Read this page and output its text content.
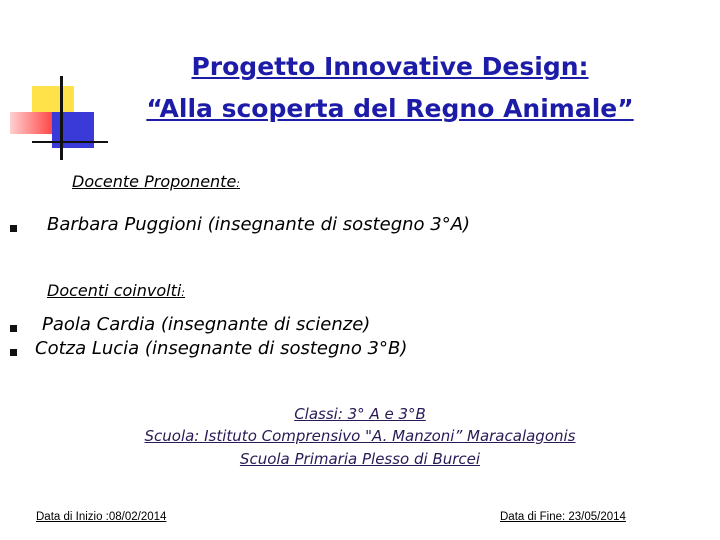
Progetto Innovative Design:
“Alla scoperta del Regno Animale”
Docente Proponente:
Barbara Puggioni (insegnante di sostegno 3°A)
Docenti coinvolti:
Paola Cardia (insegnante di scienze)
Cotza Lucia (insegnante di sostegno 3°B)
Classi: 3° A e 3°B
Scuola: Istituto Comprensivo "A. Manzoni” Maracalagonis
Scuola Primaria Plesso di Burcei
Data di Inizio :08/02/2014	Data di Fine: 23/05/2014
